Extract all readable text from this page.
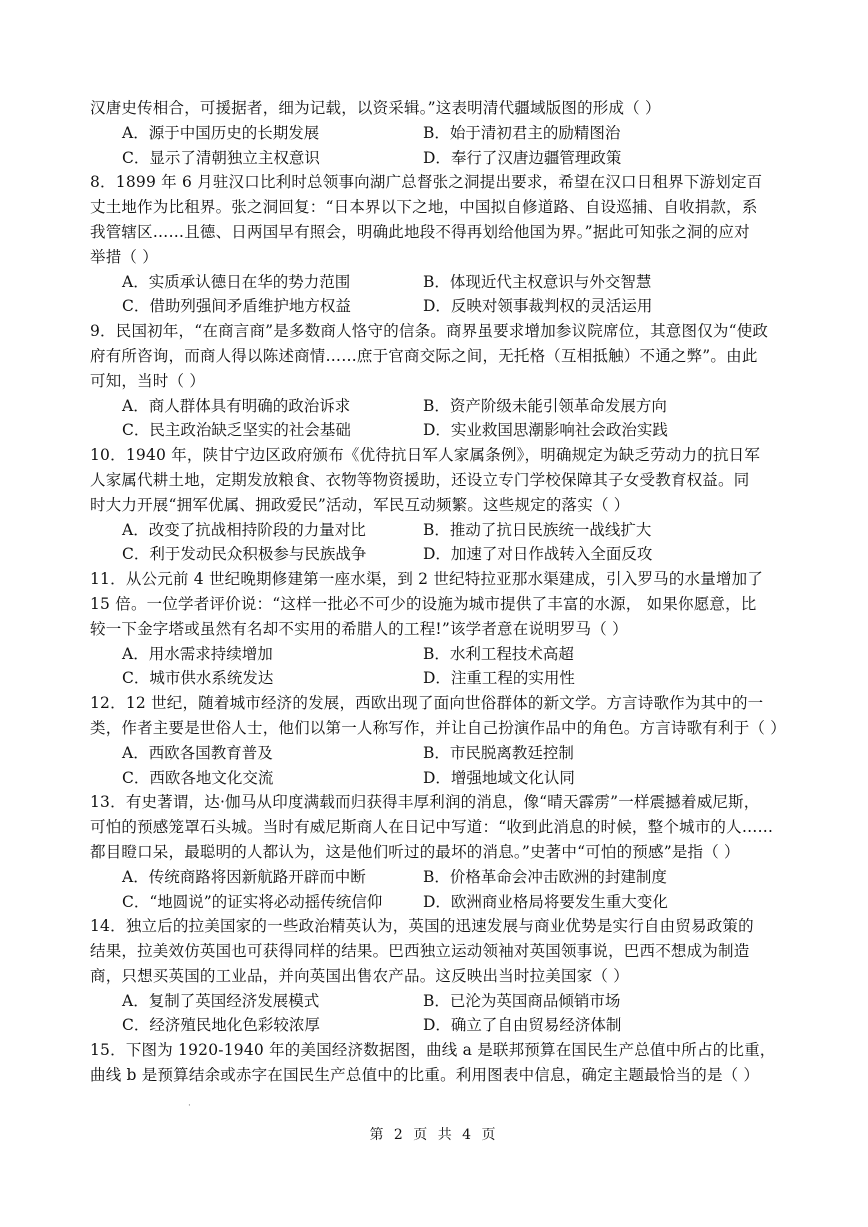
汉唐史传相合，可援据者，细为记载，以资采辑。”这表明清代疆域版图的形成（ ）
A．源于中国历史的长期发展	B．始于清初君主的励精图治
C．显示了清朝独立主权意识	D．奉行了汉唐边疆管理政策
8．1899 年 6 月驻汉口比利时总领事向湖广总督张之洞提出要求，希望在汉口日租界下游划定百
丈土地作为比租界。张之洞回复：“日本界以下之地，中国拟自修道路、自设巡捕、自收捐款，系
我管辖区……且德、日两国早有照会，明确此地段不得再划给他国为界。”据此可知张之洞的应对
举措（ ）
A．实质承认德日在华的势力范围	B．体现近代主权意识与外交智慧
C．借助列强间矛盾维护地方权益	D．反映对领事裁判权的灵活运用
9．民国初年，“在商言商”是多数商人恪守的信条。商界虽要求增加参议院席位，其意图仅为“使政
府有所咨询，而商人得以陈述商情……庶于官商交际之间，无托格（互相抵触）不通之弊”。由此
可知，当时（ ）
A．商人群体具有明确的政治诉求	B．资产阶级未能引领革命发展方向
C．民主政治缺乏坚实的社会基础	D．实业救国思潮影响社会政治实践
10．1940 年，陕甘宁边区政府颁布《优待抗日军人家属条例》，明确规定为缺乏劳动力的抗日军
人家属代耕土地，定期发放粮食、衣物等物资援助，还设立专门学校保障其子女受教育权益。同
时大力开展“拥军优属、拥政爱民”活动，军民互动频繁。这些规定的落实（ ）
A．改变了抗战相持阶段的力量对比	B．推动了抗日民族统一战线扩大
C．利于发动民众积极参与民族战争	D．加速了对日作战转入全面反攻
11．从公元前 4 世纪晚期修建第一座水渠，到 2 世纪特拉亚那水渠建成，引入罗马的水量增加了
15 倍。一位学者评价说：“这样一批必不可少的设施为城市提供了丰富的水源， 如果你愿意，比
较一下金字塔或虽然有名却不实用的希腊人的工程!”该学者意在说明罗马（ ）
A．用水需求持续增加	B．水利工程技术高超
C．城市供水系统发达	D．注重工程的实用性
12．12 世纪，随着城市经济的发展，西欧出现了面向世俗群体的新文学。方言诗歌作为其中的一
类，作者主要是世俗人士，他们以第一人称写作，并让自己扮演作品中的角色。方言诗歌有利于（ ）
A．西欧各国教育普及	B．市民脱离教廷控制
C．西欧各地文化交流	D．增强地域文化认同
13．有史著谓，达·伽马从印度满载而归获得丰厚利润的消息，像“晴天霹雳”一样震撼着威尼斯，
可怕的预感笼罩石头城。当时有威尼斯商人在日记中写道：“收到此消息的时候，整个城市的人……
都目瞪口呆，最聪明的人都认为，这是他们听过的最坏的消息。”史著中“可怕的预感”是指（ ）
A．传统商路将因新航路开辟而中断	B．价格革命会冲击欧洲的封建制度
C．“地圆说”的证实将必动摇传统信仰	D．欧洲商业格局将要发生重大变化
14．独立后的拉美国家的一些政治精英认为，英国的迅速发展与商业优势是实行自由贸易政策的
结果，拉美效仿英国也可获得同样的结果。巴西独立运动领袖对英国领事说，巴西不想成为制造
商，只想买英国的工业品，并向英国出售农产品。这反映出当时拉美国家（ ）
A．复制了英国经济发展模式	B．已沦为英国商品倾销市场
C．经济殖民地化色彩较浓厚	D．确立了自由贸易经济体制
15．下图为 1920-1940 年的美国经济数据图，曲线 a 是联邦预算在国民生产总值中所占的比重，
曲线 b 是预算结余或赤字在国民生产总值中的比重。利用图表中信息，确定主题最恰当的是（ ）
·
第 2 页 共 4 页
